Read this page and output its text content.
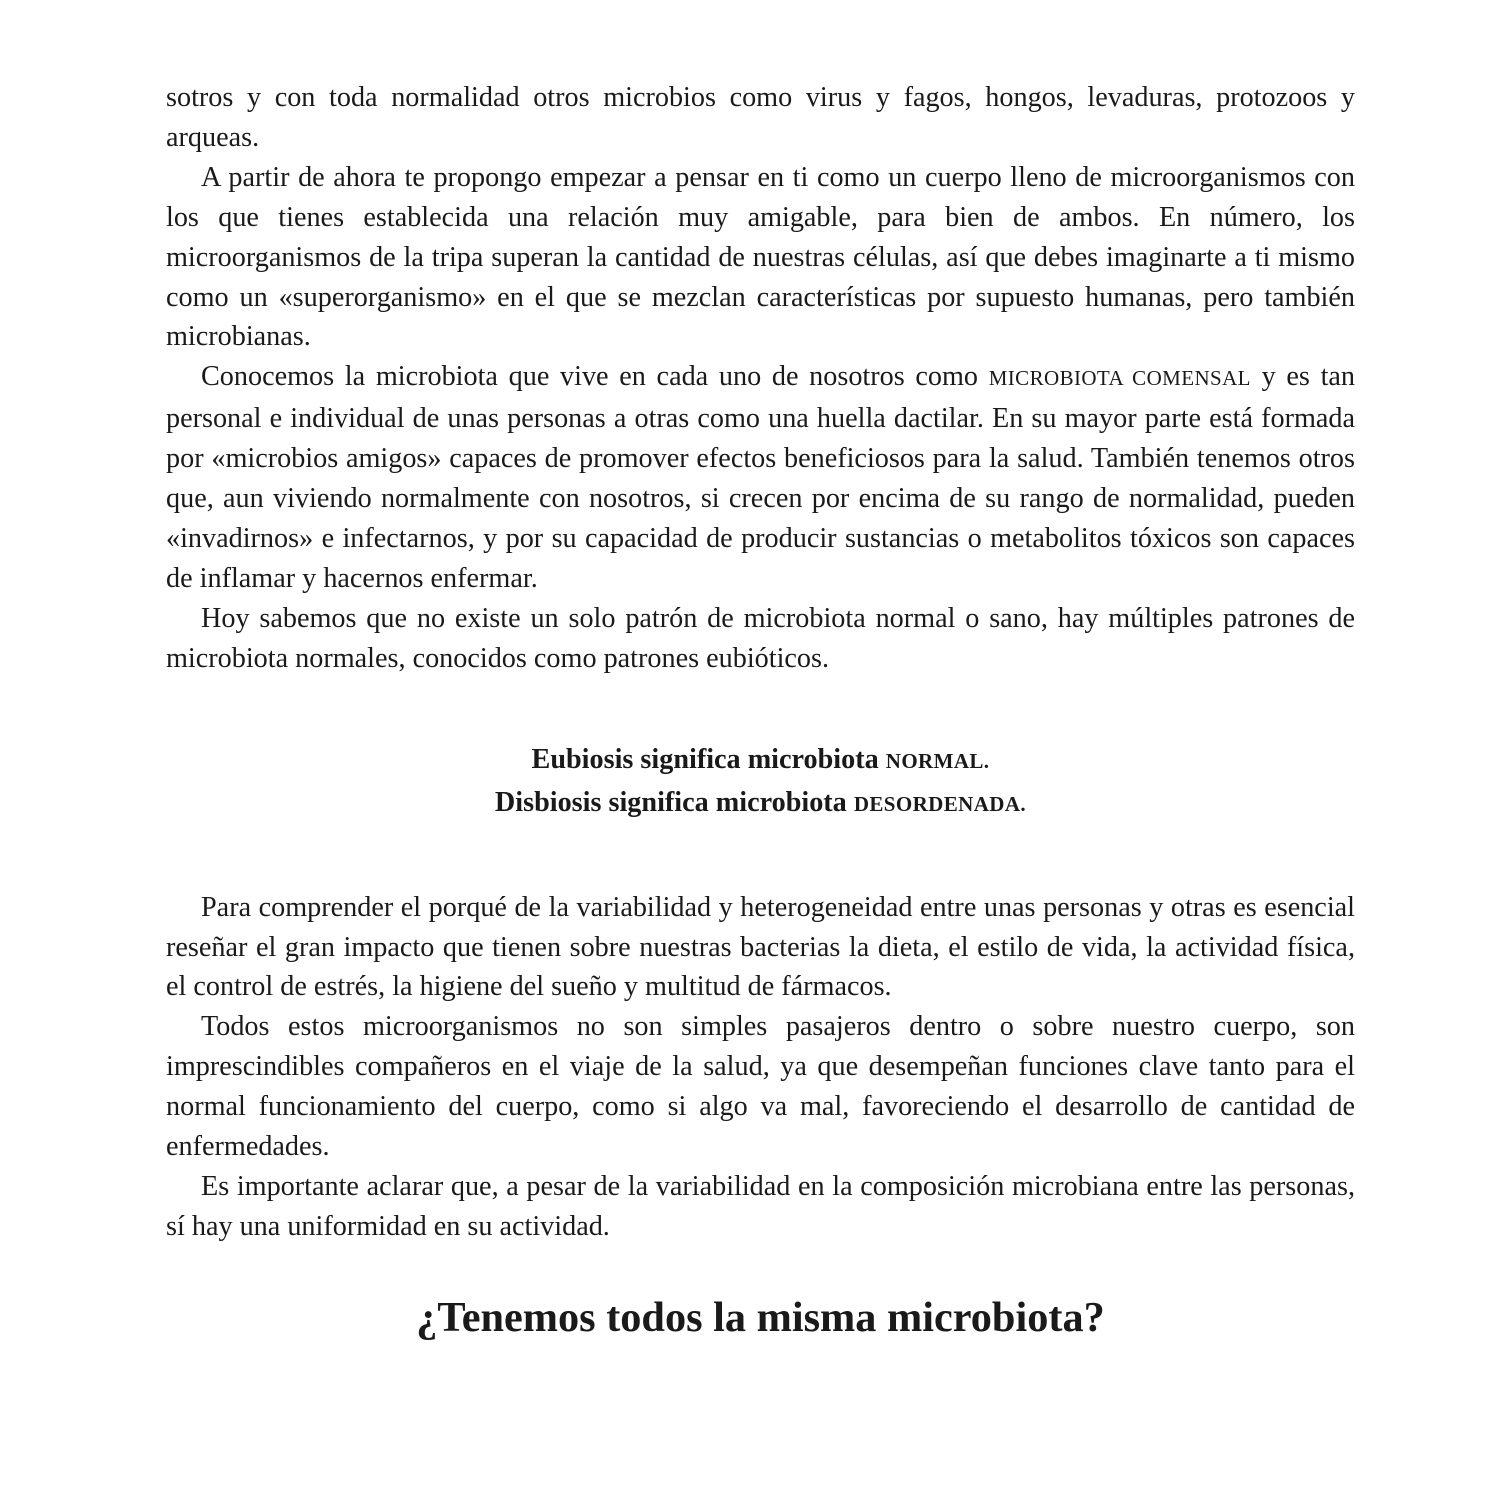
sotros y con toda normalidad otros microbios como virus y fagos, hongos, levaduras, protozoos y arqueas.

A partir de ahora te propongo empezar a pensar en ti como un cuerpo lleno de microorganismos con los que tienes establecida una relación muy amigable, para bien de ambos. En número, los microorganismos de la tripa superan la cantidad de nuestras células, así que debes imaginarte a ti mismo como un «superorganismo» en el que se mezclan características por supuesto humanas, pero también microbianas.

Conocemos la microbiota que vive en cada uno de nosotros como MICROBIOTA COMENSAL y es tan personal e individual de unas personas a otras como una huella dactilar. En su mayor parte está formada por «microbios amigos» capaces de promover efectos beneficiosos para la salud. También tenemos otros que, aun viviendo normalmente con nosotros, si crecen por encima de su rango de normalidad, pueden «invadirnos» e infectarnos, y por su capacidad de producir sustancias o metabolitos tóxicos son capaces de inflamar y hacernos enfermar.

Hoy sabemos que no existe un solo patrón de microbiota normal o sano, hay múltiples patrones de microbiota normales, conocidos como patrones eubióticos.

Eubiosis significa microbiota NORMAL.
Disbiosis significa microbiota DESORDENADA.

Para comprender el porqué de la variabilidad y heterogeneidad entre unas personas y otras es esencial reseñar el gran impacto que tienen sobre nuestras bacterias la dieta, el estilo de vida, la actividad física, el control de estrés, la higiene del sueño y multitud de fármacos.

Todos estos microorganismos no son simples pasajeros dentro o sobre nuestro cuerpo, son imprescindibles compañeros en el viaje de la salud, ya que desempeñan funciones clave tanto para el normal funcionamiento del cuerpo, como si algo va mal, favoreciendo el desarrollo de cantidad de enfermedades.

Es importante aclarar que, a pesar de la variabilidad en la composición microbiana entre las personas, sí hay una uniformidad en su actividad.

¿Tenemos todos la misma microbiota?
